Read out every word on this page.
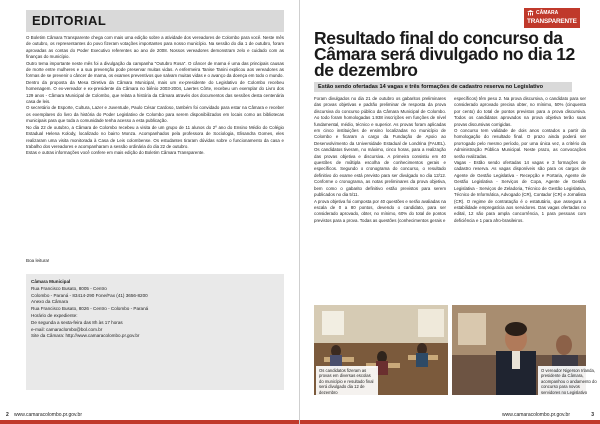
EDITORIAL

O Boletim Câmara Transparente chega com mais uma edição sobre a atividade dos vereadores de Colombo para você. Neste mês de outubro, os representantes do povo fizeram votações importantes para nosso município. Na sessão do dia 1 de outubro, foram aprovadas as contas do Poder Executivo referentes ao ano de 2008. Nossos vereadores demonstram zelo e cuidado com as finanças do município.

Outro tema importante neste mês foi a divulgação da campanha "Outubro Rosa". O câncer de mama é uma das principais causas de morte entre mulheres e a sua prevenção pode preservar muitas vidas. A enfermeira Tanise Tanini explicou aos vereadores as formas de se prevenir o câncer de mama, os exames preventivos que salvam muitas vidas e o avanço da doença em todo o mundo.

Dentro da proposta da Mesa Diretiva da Câmara Municipal, mais um ex-presidente do Legislativo de Colombo recebeu homenagem. O ex-vereador e ex-presidente da Câmara no biênio 2003-2004, Laertes Côrte, recebeu um exemplar do Livro dos 129 anos - Câmara Municipal de Colombo, que relata a história da Câmara através dos documentos das sessões desta centenária casa de leis.

O secretário de Esporte, Cultura, Lazer e Juventude, Paulo César Cardoso, também foi convidado para estar na Câmara e receber os exemplares do livro da história do Poder Legislativo de Colombo para serem disponibilizados em locais como as bibliotecas municipais para que toda a comunidade tenha acesso a esta publicação.

No dia 22 de outubro, a Câmara de Colombo recebeu a visita de um grupo de 11 alunos do 2º ano do Ensino Médio do Colégio Estadual Helena Kolody, localizado no bairro Monza. Acompanhados pela professora de Sociologia, Elisandra Gomes, eles realizaram uma visita monitorada à Casa de Leis colombense. Os estudantes tiraram dúvidas sobre o funcionamento da casa e trabalho dos vereadores e acompanharam a sessão ordinária do dia 22 de outubro.

Estas e outras informações você confere em mais edição do Boletim Câmara Transparente.

Boa leitura!
Câmara Municipal
Rua Francisco Busato, 8005 - Centro
Colombo - Paraná - 83414-290 Fone/Fax (41) 3656-8200
Anexo da Câmara
Rua Francisco Busato, 8026 - Centro - Colombo - Paraná
Horário de expediente:
De segunda a sexta-feira das 8h às 17 horas
e-mail: camaraclombo@bol.com.br
Site da Câmara: http://www.camaracolombo.pr.gov.br
2 www.camaracolombo.pr.gov.br
CÂMARA
TRANSPARENTE
Resultado final do concurso da Câmara será divulgado no dia 12 de dezembro
Estão sendo ofertadas 14 vagas e três formações de cadastro reserva no Legislativo

Foram divulgados no dia 21 de outubro os gabaritos preliminares das provas objetivas e padrão preliminar de resposta da prova discursiva do concurso público da Câmara Municipal de Colombo. Ao todo foram homologadas 1.938 inscrições em funções de nível fundamental, médio, técnico e superior. As provas foram aplicadas em cinco instituições de ensino localizadas no município de Colombo e ficaram a cargo da Fundação de Apoio ao Desenvolvimento da Universidade Estadual de Londrina (FAUEL). Os candidatos tiveram, no máximo, cinco horas, para a realização das provas objetiva e discursiva. A primeira consistiu em 40 questões de múltipla escolha de conhecimentos gerais e específicos. Segundo o cronograma do concurso, o resultado definitivo do exame está previsto para ser divulgado no dia 12/12. Conforme o cronograma, as notas preliminares da prova objetiva, bem como o gabarito definitivo estão previstos para serem publicados no dia 5/11.

A prova objetiva foi composta por 40 questões e serão avaliadas na escala de 0 a 80 pontos, devendo o candidato, para ser considerado aprovado, obter, no mínimo, 60% do total de pontos previstos para a prova. Todas as questões (conhecimentos gerais e

específicos) têm peso 2. Na prova discursiva, o candidato para ser considerado aprovado precisa obter, no mínimo, 50% (cinquenta por cento) do total de pontos previstos para a prova discursiva. Todos os candidatos aprovados na prova objetiva terão suas provas discursivas corrigidas.

O concurso tem validade de dois anos contados a partir da homologação do resultado final. O prazo ainda poderá ser prorrogado pelo mesmo período, por uma única vez, a critério da Administração Pública Municipal. Neste prazo, as convocações serão realizadas.

Vagas - Estão sendo ofertadas 14 vagas e 3 formações de cadastro reserva. As vagas disponíveis são para os cargos de Agente de Gestão Legislativa - Recepção e Portaria, Agente de Gestão Legislativa - Serviços de Copa, Agente de Gestão Legislativa - Serviços de Zeladoria, Técnico de Gestão Legislativa, Técnico de Informática, Advogado (CR), Contador (CR) e Jornalista (CR). O regime de contratação é o estatutário, que assegura a estabilidade empregatícia aos servidores. Das vagas ofertadas no edital, 12 são para ampla concorrência, 1 para pessoas com deficiência e 1 para afro-brasileiros.

Os candidatos fizeram as provas em diversas escolas do município e resultado final será divulgado dia 12 de dezembro
O vereador Nigerson Irlanda, presidente da Câmara, acompanhou o andamento do concurso para novos servidores no Legislativo
www.camaracolombo.pr.gov.br	3
